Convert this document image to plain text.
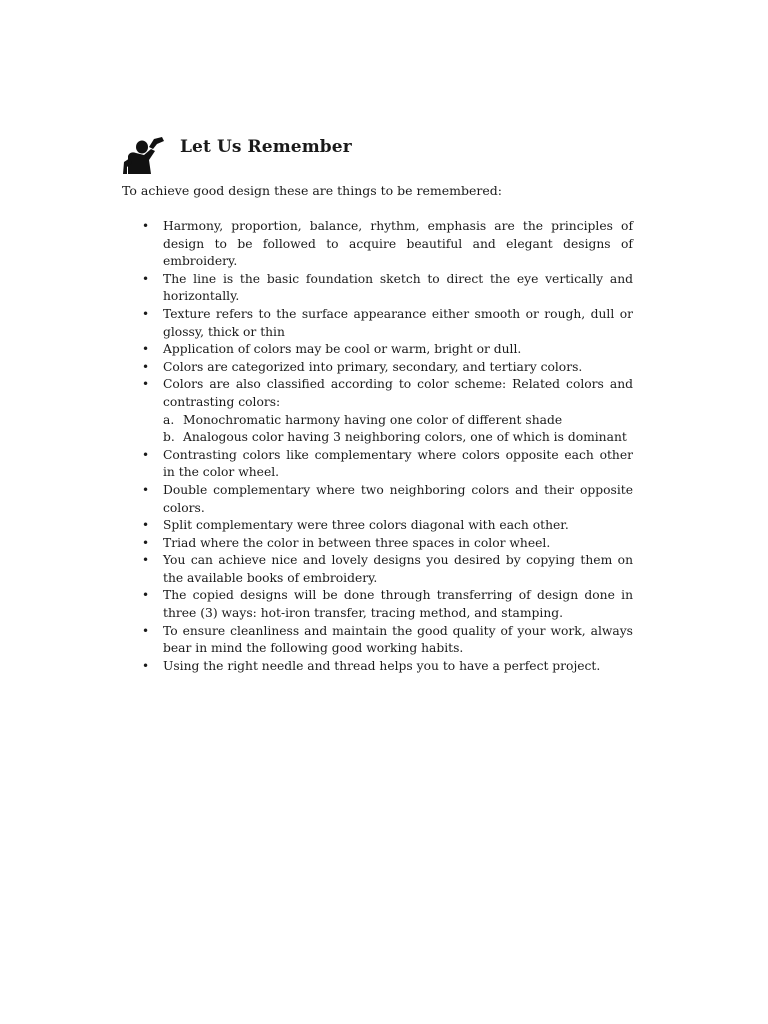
Let Us Remember
To achieve good design these are things to be remembered:
• Harmony, proportion, balance, rhythm, emphasis are the principles of design to be followed to acquire beautiful and elegant designs of embroidery.
• The line is the basic foundation sketch to direct the eye vertically and horizontally.
• Texture refers to the surface appearance either smooth or rough, dull or glossy, thick or thin
• Application of colors may be cool or warm, bright or dull.
• Colors are categorized into primary, secondary, and tertiary colors.
• Colors are also classified according to color scheme: Related colors and contrasting colors:
a. Monochromatic harmony having one color of different shade
b. Analogous color having 3 neighboring colors, one of which is dominant
• Contrasting colors like complementary where colors opposite each other in the color wheel.
• Double complementary where two neighboring colors and their opposite colors.
• Split complementary were three colors diagonal with each other.
• Triad where the color in between three spaces in color wheel.
• You can achieve nice and lovely designs you desired by copying them on the available books of embroidery.
• The copied designs will be done through transferring of design done in three (3) ways: hot-iron transfer, tracing method, and stamping.
• To ensure cleanliness and maintain the good quality of your work, always bear in mind the following good working habits.
• Using the right needle and thread helps you to have a perfect project.
